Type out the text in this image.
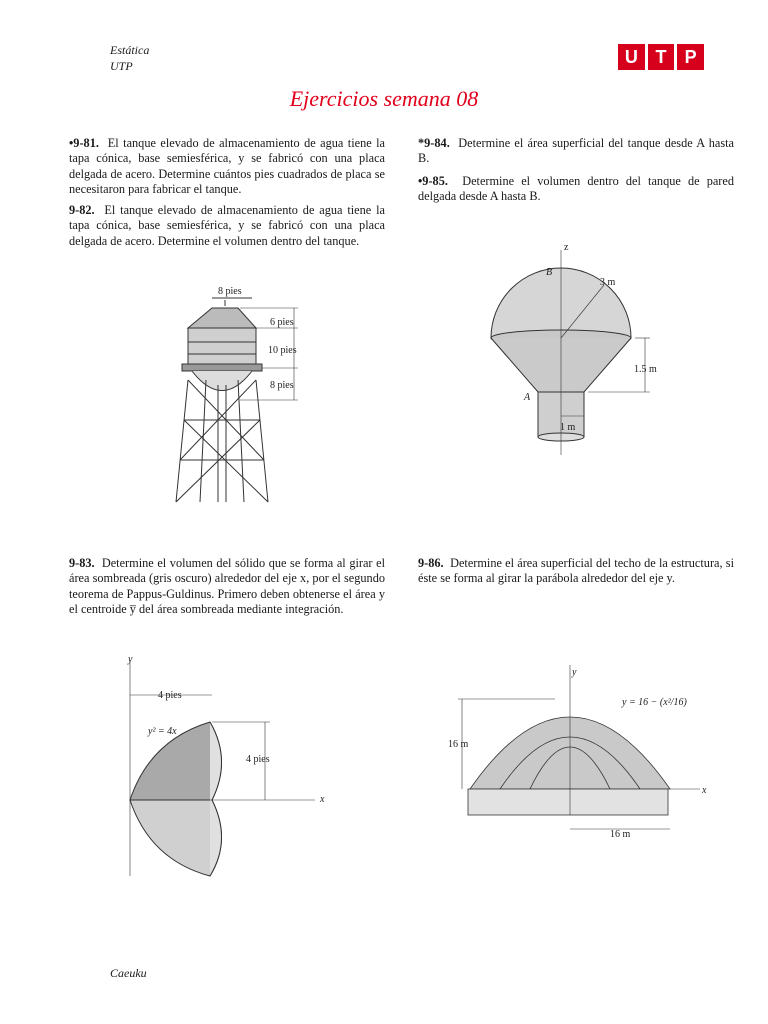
Estática
UTP	U T	P
Ejercicios semana 08
•9-81. El tanque elevado de almacenamiento de agua tiene la tapa cónica, base semiesférica, y se fabricó con una placa delgada de acero. Determine cuántos pies cuadrados de placa se necesitaron para fabricar el tanque.
9-82. El tanque elevado de almacenamiento de agua tiene la tapa cónica, base semiesférica, y se fabricó con una placa delgada de acero. Determine el volumen dentro del tanque.
*9-84. Determine el área superficial del tanque desde A hasta B.
•9-85. Determine el volumen dentro del tanque de pared delgada desde A hasta B.
9-83. Determine el volumen del sólido que se forma al girar el área sombreada (gris oscuro) alrededor del eje x, por el segundo teorema de Pappus-Guldinus. Primero deben obtenerse el área y el centroide y̅ del área sombreada mediante integración.
9-86. Determine el área superficial del techo de la estructura, si éste se forma al girar la parábola alrededor del eje y.
8 pies
6 pies
10 pies
8 pies
z
B
A
3 m
1.5 m
1 m
y
x
4 pies
4 pies
y² = 4x
y = 16 − (x²/16)
16 m
16 m
y
x
Caeuku
